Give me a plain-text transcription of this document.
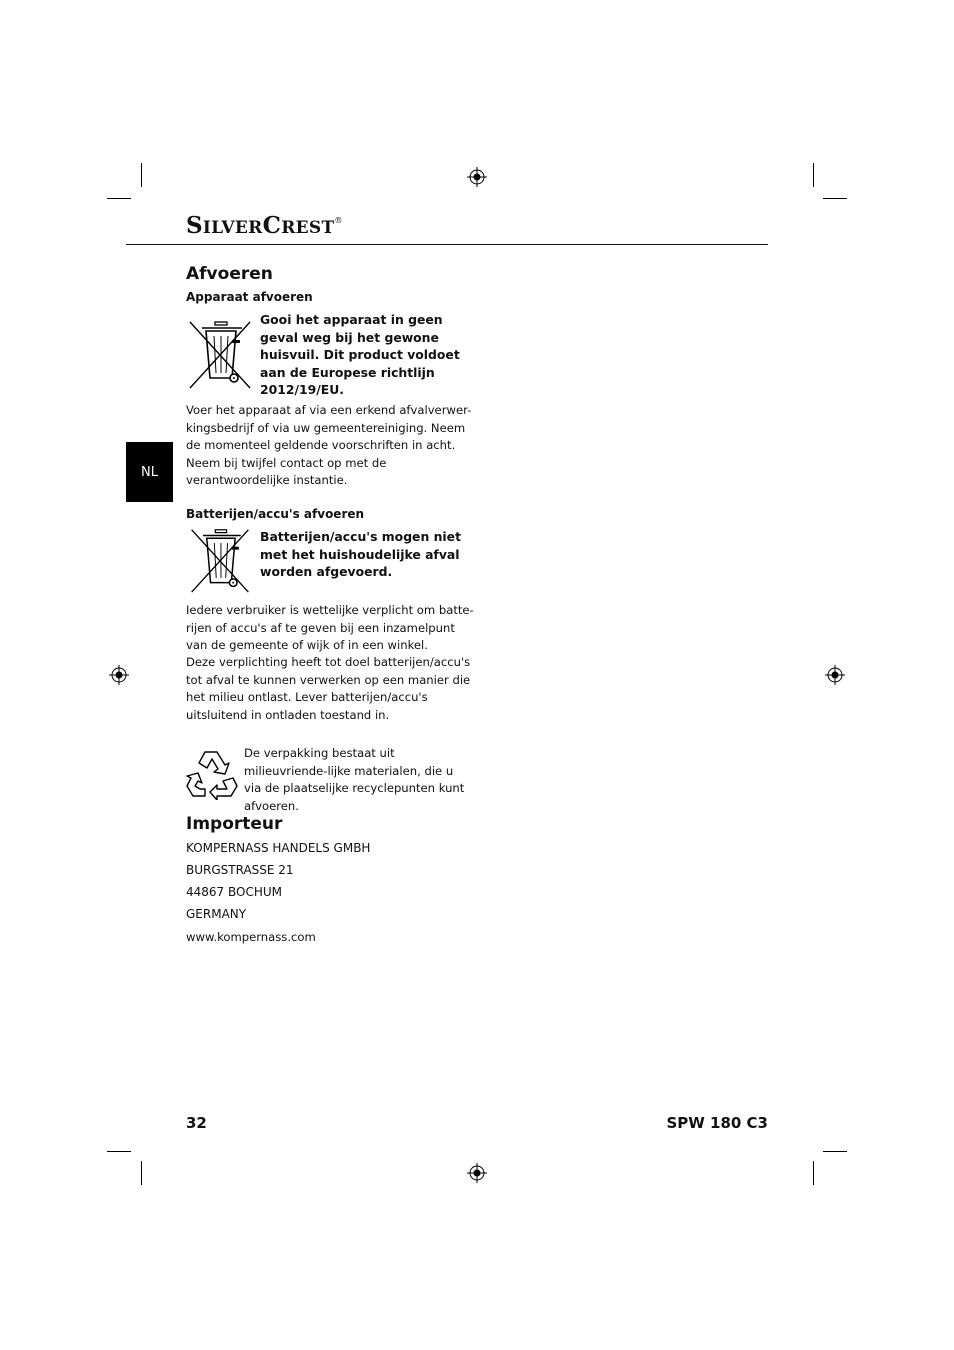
SILVERCREST®
NL
Afvoeren
Apparaat afvoeren
Gooi het apparaat in geen geval weg bij het gewone huisvuil. Dit product voldoet aan de Europese richtlijn 2012/19/EU.
Voer het apparaat af via een erkend afvalverwer-kingsbedrijf of via uw gemeentereiniging. Neem de momenteel geldende voorschriften in acht. Neem bij twijfel contact op met de verantwoordelijke instantie.
Batterijen/accu's afvoeren
Batterijen/accu's mogen niet met het huishoudelijke afval worden afgevoerd.
Iedere verbruiker is wettelijke verplicht om batte-rijen of accu's af te geven bij een inzamelpunt van de gemeente of wijk of in een winkel.
Deze verplichting heeft tot doel batterijen/accu's tot afval te kunnen verwerken op een manier die het milieu ontlast. Lever batterijen/accu's uitsluitend in ontladen toestand in.
De verpakking bestaat uit milieuvriende-lijke materialen, die u via de plaatselijke recyclepunten kunt afvoeren.
Importeur
KOMPERNASS HANDELS GMBH
BURGSTRASSE 21
44867 BOCHUM
GERMANY
www.kompernass.com
32	SPW 180 C3
